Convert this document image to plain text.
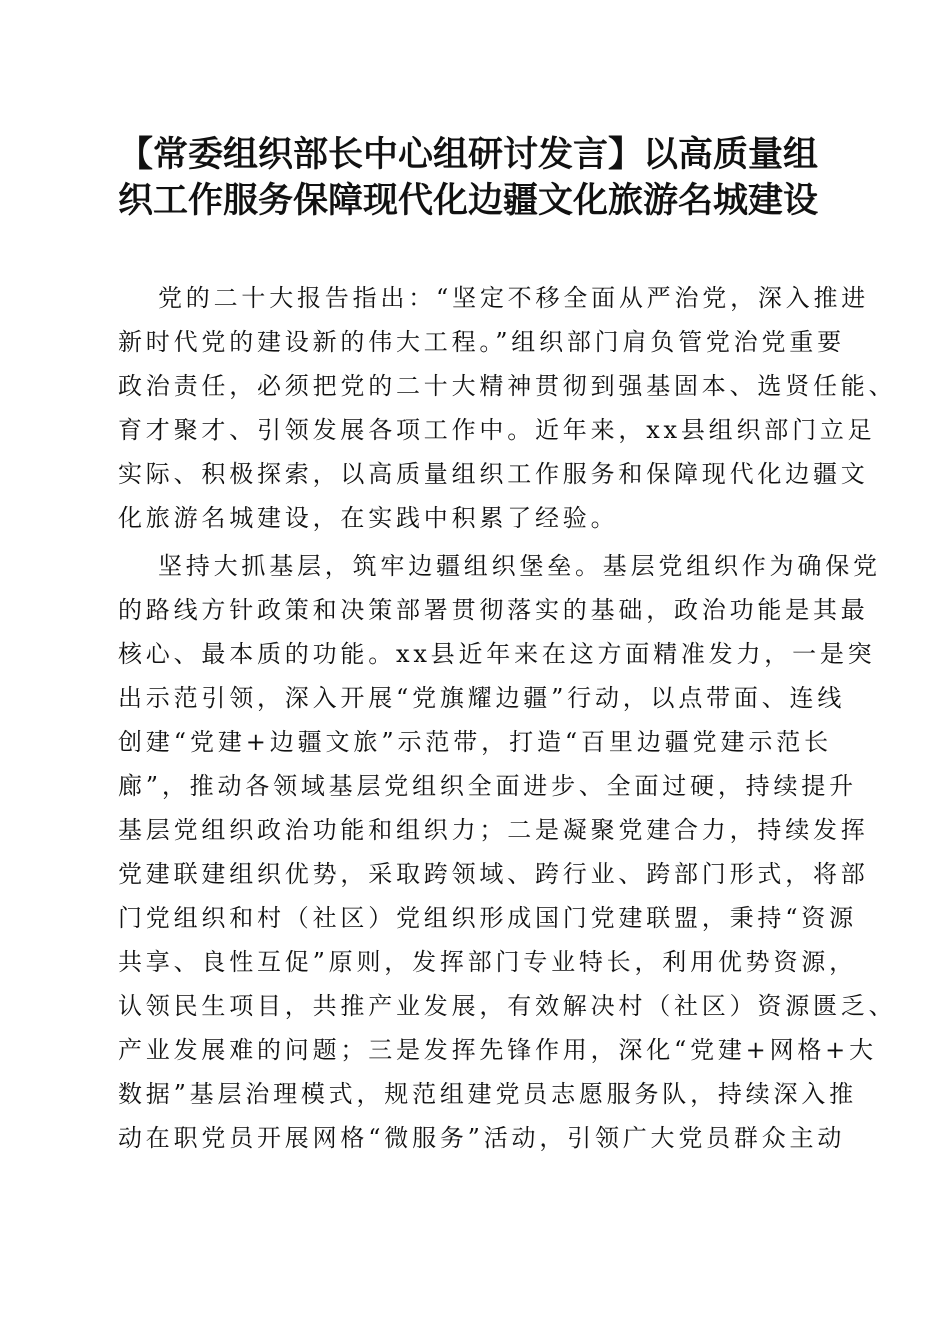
【常委组织部长中心组研讨发言】以高质量组
织工作服务保障现代化边疆文化旅游名城建设
党的二十大报告指出：“坚定不移全面从严治党，深入推进
新时代党的建设新的伟大工程。”组织部门肩负管党治党重要
政治责任，必须把党的二十大精神贯彻到强基固本、选贤任能、
育才聚才、引领发展各项工作中。近年来，xx县组织部门立足
实际、积极探索，以高质量组织工作服务和保障现代化边疆文
化旅游名城建设，在实践中积累了经验。
坚持大抓基层，筑牢边疆组织堡垒。基层党组织作为确保党
的路线方针政策和决策部署贯彻落实的基础，政治功能是其最
核心、最本质的功能。xx县近年来在这方面精准发力，一是突
出示范引领，深入开展“党旗耀边疆”行动，以点带面、连线
创建“党建+边疆文旅”示范带，打造“百里边疆党建示范长
廊”，推动各领域基层党组织全面进步、全面过硬，持续提升
基层党组织政治功能和组织力；二是凝聚党建合力，持续发挥
党建联建组织优势，采取跨领域、跨行业、跨部门形式，将部
门党组织和村（社区）党组织形成国门党建联盟，秉持“资源
共享、良性互促”原则，发挥部门专业特长，利用优势资源，
认领民生项目，共推产业发展，有效解决村（社区）资源匮乏、
产业发展难的问题；三是发挥先锋作用，深化“党建+网格+大
数据”基层治理模式，规范组建党员志愿服务队，持续深入推
动在职党员开展网格“微服务”活动，引领广大党员群众主动
